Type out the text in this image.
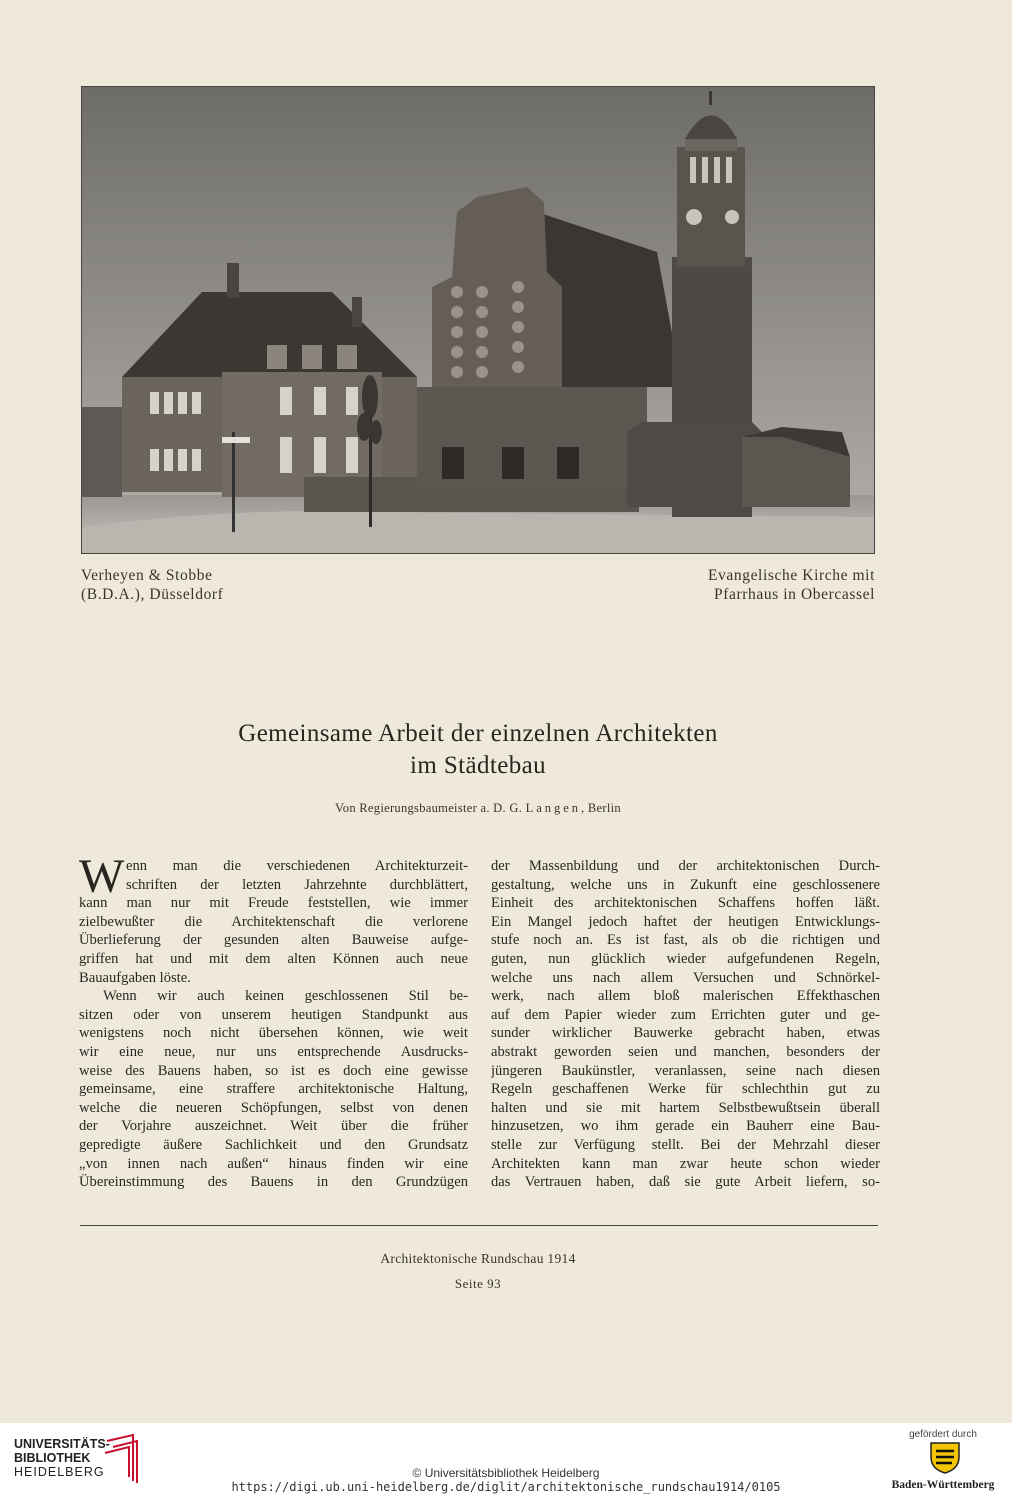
Verheyen & Stobbe
(B.D.A.), Düsseldorf
Evangelische Kirche mit
Pfarrhaus in Obercassel
Gemeinsame Arbeit der einzelnen Architekten
im Städtebau
Von Regierungsbaumeister a. D. G. Langen, Berlin
W enn man die verschiedenen Architekturzeit-
schriften der letzten Jahrzehnte durchblättert,
kann man nur mit Freude feststellen, wie immer
zielbewußter die Architektenschaft die verlorene
Überlieferung der gesunden alten Bauweise aufge-
griffen hat und mit dem alten Können auch neue
Bauaufgaben löste.
Wenn wir auch keinen geschlossenen Stil be-
sitzen oder von unserem heutigen Standpunkt aus
wenigstens noch nicht übersehen können, wie weit
wir eine neue, nur uns entsprechende Ausdrucks-
weise des Bauens haben, so ist es doch eine gewisse
gemeinsame, eine straffere architektonische Haltung,
welche die neueren Schöpfungen, selbst von denen
der Vorjahre auszeichnet. Weit über die früher
gepredigte äußere Sachlichkeit und den Grundsatz
„von innen nach außen“ hinaus finden wir eine
Übereinstimmung des Bauens in den Grundzügen
der Massenbildung und der architektonischen Durch-
gestaltung, welche uns in Zukunft eine geschlossenere
Einheit des architektonischen Schaffens hoffen läßt.
Ein Mangel jedoch haftet der heutigen Entwicklungs-
stufe noch an. Es ist fast, als ob die richtigen und
guten, nun glücklich wieder aufgefundenen Regeln,
welche uns nach allem Versuchen und Schnörkel-
werk, nach allem bloß malerischen Effekthaschen
auf dem Papier wieder zum Errichten guter und ge-
sunder wirklicher Bauwerke gebracht haben, etwas
abstrakt geworden seien und manchen, besonders der
jüngeren Baukünstler, veranlassen, seine nach diesen
Regeln geschaffenen Werke für schlechthin gut zu
halten und sie mit hartem Selbstbewußtsein überall
hinzusetzen, wo ihm gerade ein Bauherr eine Bau-
stelle zur Verfügung stellt. Bei der Mehrzahl dieser
Architekten kann man zwar heute schon wieder
das Vertrauen haben, daß sie gute Arbeit liefern, so-
Architektonische Rundschau 1914
Seite 93
UNIVERSITÄTS-
BIBLIOTHEK
HEIDELBERG	© Universitätsbibliothek Heidelberg
https://digi.ub.uni-heidelberg.de/diglit/architektonische_rundschau1914/0105
gefördert durch
Baden-Württemberg
